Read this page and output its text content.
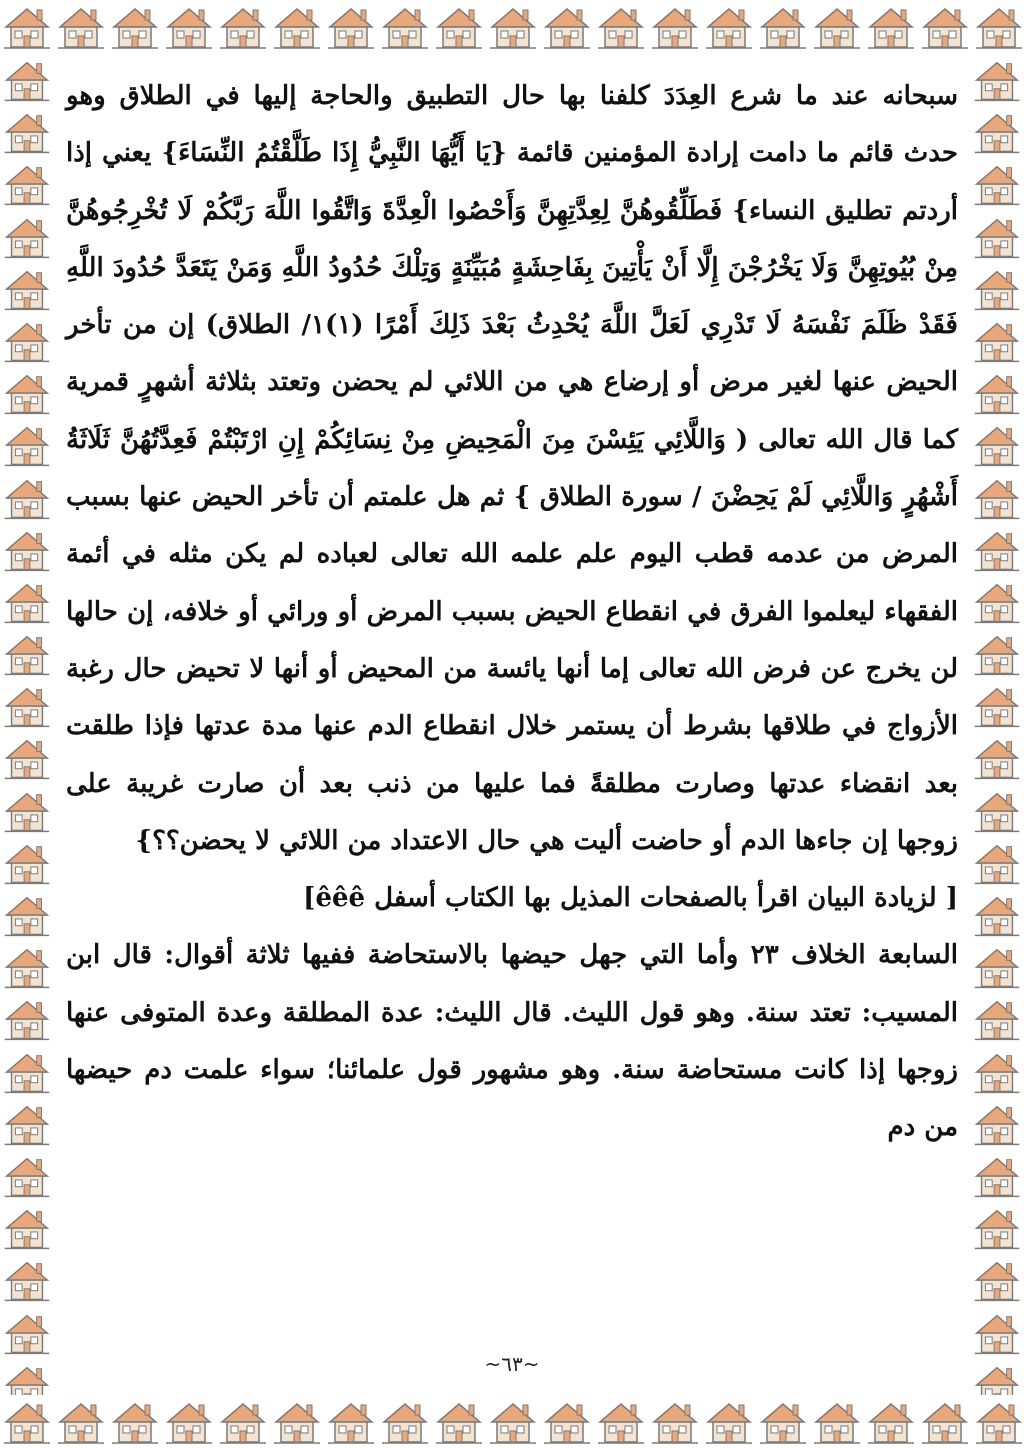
سبحانه عند ما شرع العِدَدَ كلفنا بها حال التطبيق والحاجة إليها في الطلاق وهو حدث قائم ما دامت إرادة المؤمنين قائمة {يَا أَيُّهَا النَّبِيُّ إِذَا طَلَّقْتُمُ النِّسَاءَ} يعني إذا أردتم تطليق النساء} فَطَلِّقُوهُنَّ لِعِدَّتِهِنَّ وَأَحْصُوا الْعِدَّةَ وَاتَّقُوا اللَّهَ رَبَّكُمْ لَا تُخْرِجُوهُنَّ مِنْ بُيُوتِهِنَّ وَلَا يَخْرُجْنَ إِلَّا أَنْ يَأْتِينَ بِفَاحِشَةٍ مُبَيِّنَةٍ وَتِلْكَ حُدُودُ اللَّهِ وَمَنْ يَتَعَدَّ حُدُودَ اللَّهِ فَقَدْ ظَلَمَ نَفْسَهُ لَا تَدْرِي لَعَلَّ اللَّهَ يُحْدِثُ بَعْدَ ذَلِكَ أَمْرًا (١)١/ الطلاق) إن من تأخر الحيض عنها لغير مرض أو إرضاع هي من اللائي لم يحضن وتعتد بثلاثة أشهرٍ قمرية كما قال الله تعالى ( وَاللَّائِي يَئِسْنَ مِنَ الْمَحِيضِ مِنْ نِسَائِكُمْ إِنِ ارْتَبْتُمْ فَعِدَّتُهُنَّ ثَلَاثَةُ أَشْهُرٍ وَاللَّائِي لَمْ يَحِضْنَ / سورة الطلاق } ثم هل علمتم أن تأخر الحيض عنها بسبب المرض من عدمه قطب اليوم علم علمه الله تعالى لعباده لم يكن مثله في أئمة الفقهاء ليعلموا الفرق في انقطاع الحيض بسبب المرض أو ورائي أو خلافه، إن حالها لن يخرج عن فرض الله تعالى إما أنها يائسة من المحيض أو أنها لا تحيض حال رغبة الأزواج في طلاقها بشرط أن يستمر خلال انقطاع الدم عنها مدة عدتها فإذا طلقت بعد انقضاء عدتها وصارت مطلقةً فما عليها من ذنب بعد أن صارت غريبة على زوجها إن جاءها الدم أو حاضت أليت هي حال الاعتداد من اللائي لا يحضن؟؟}

[ لزيادة البيان اقرأ بالصفحات المذيل بها الكتاب أسفل êêê]

السابعة الخلاف ٢٣ وأما التي جهل حيضها بالاستحاضة ففيها ثلاثة أقوال: قال ابن المسيب: تعتد سنة. وهو قول الليث. قال الليث: عدة المطلقة وعدة المتوفى عنها زوجها إذا كانت مستحاضة سنة. وهو مشهور قول علمائنا؛ سواء علمت دم حيضها من دم

~٦٣~
